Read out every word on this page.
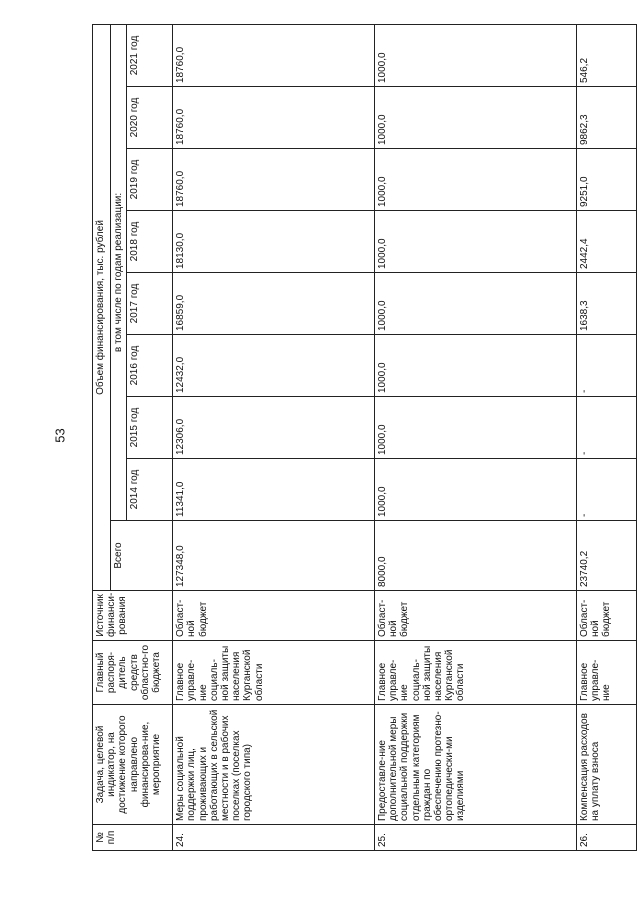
53
№ п/п	Задача, целевой индикатор, на достижение которого направлено финансирова-ние, мероприятие	Главный распоря-дитель средств областно-го бюджета	Источник финанси-рования	Объем финансирования, тыс. рублей								
				Всего	в том числе по годам реализации:							
					2014 год	2015 год	2016 год	2017 год	2018 год	2019 год	2020 год	2021 год
24.	Меры социальной поддержки лиц, проживающих и работающих в сельской местности и в рабочих поселках (поселках городского типа)	Главное управле-ние социаль-ной защиты населения Курганской области	Област-ной бюджет	127348,0	11341,0	12306,0	12432,0	16859,0	18130,0	18760,0	18760,0	18760,0
25.	Предоставле-ние дополнительной меры социальной поддержки отдельным категориям граждан по обеспечению протезно-ортопедически-ми изделиями	Главное управле-ние социаль-ной защиты населения Курганской области	Област-ной бюджет	8000,0	1000,0	1000,0	1000,0	1000,0	1000,0	1000,0	1000,0	1000,0
26.	Компенсация расходов на уплату взноса	Главное управле-ние	Област-ной бюджет	23740,2	-	-	-	1638,3	2442,4	9251,0	9862,3	546,2
